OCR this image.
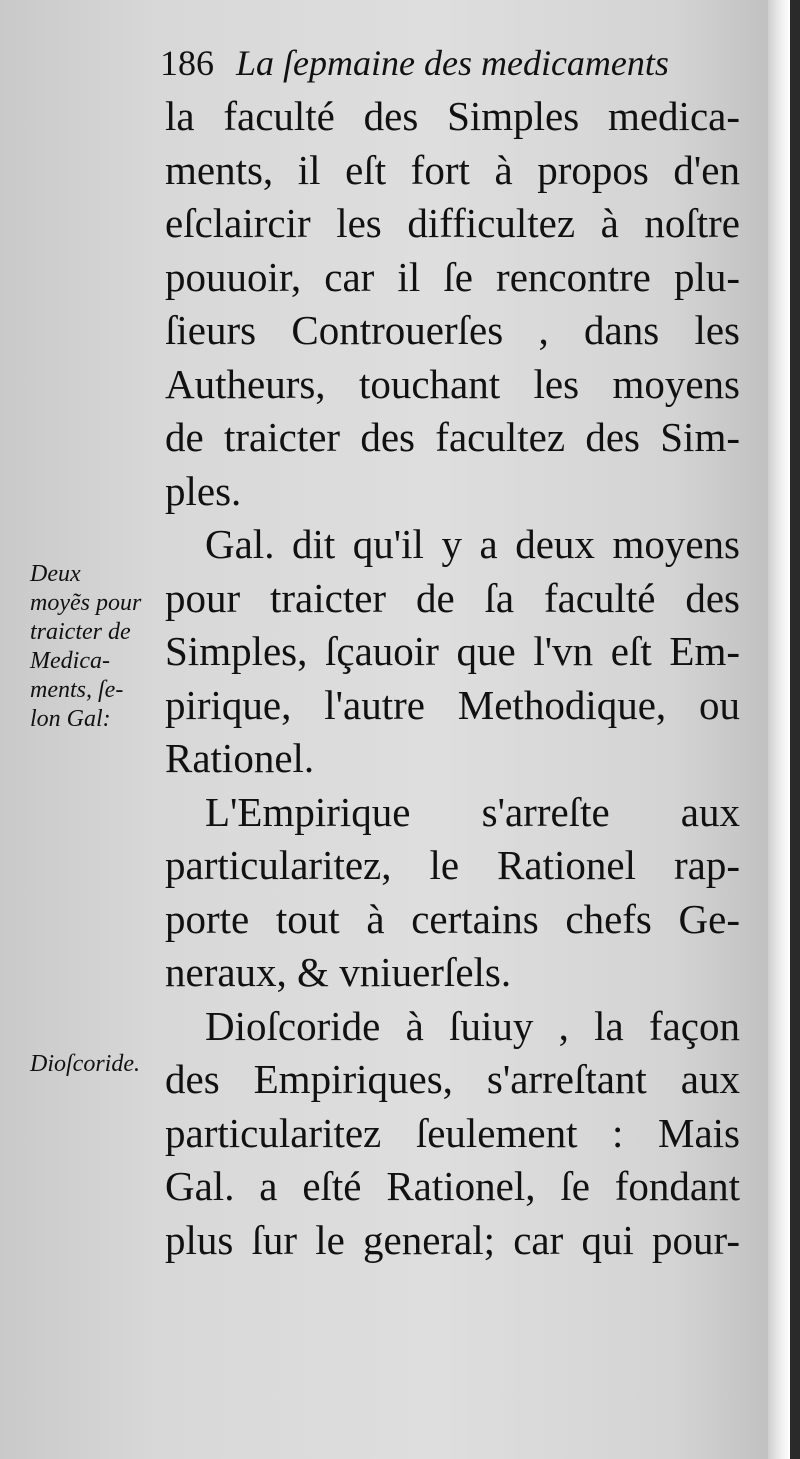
186 La ſepmaine des medicaments
la faculté des Simples medica-
ments, il eſt fort à propos d'en
eſclaircir les difficultez à noſtre
pouuoir, car il ſe rencontre plu-
ſieurs Controuerſes , dans les
Autheurs, touchant les moyens
de traicter des facultez des Sim-
ples.
Gal. dit qu'il y a deux moyens
pour traicter de ſa faculté des
Simples, ſçauoir que l'vn eſt Em-
pirique, l'autre Methodique, ou
Rationel.
L'Empirique s'arreſte aux
particularitez, le Rationel rap-
porte tout à certains chefs Ge-
neraux, & vniuerſels.
Dioſcoride à ſuiuy , la façon
des Empiriques, s'arreſtant aux
particularitez ſeulement : Mais
Gal. a eſté Rationel, ſe fondant
plus ſur le general; car qui pour-
Deux
moyẽs pour
traicter de
Medica-
ments, ſe-
lon Gal:
Dioſcoride.
